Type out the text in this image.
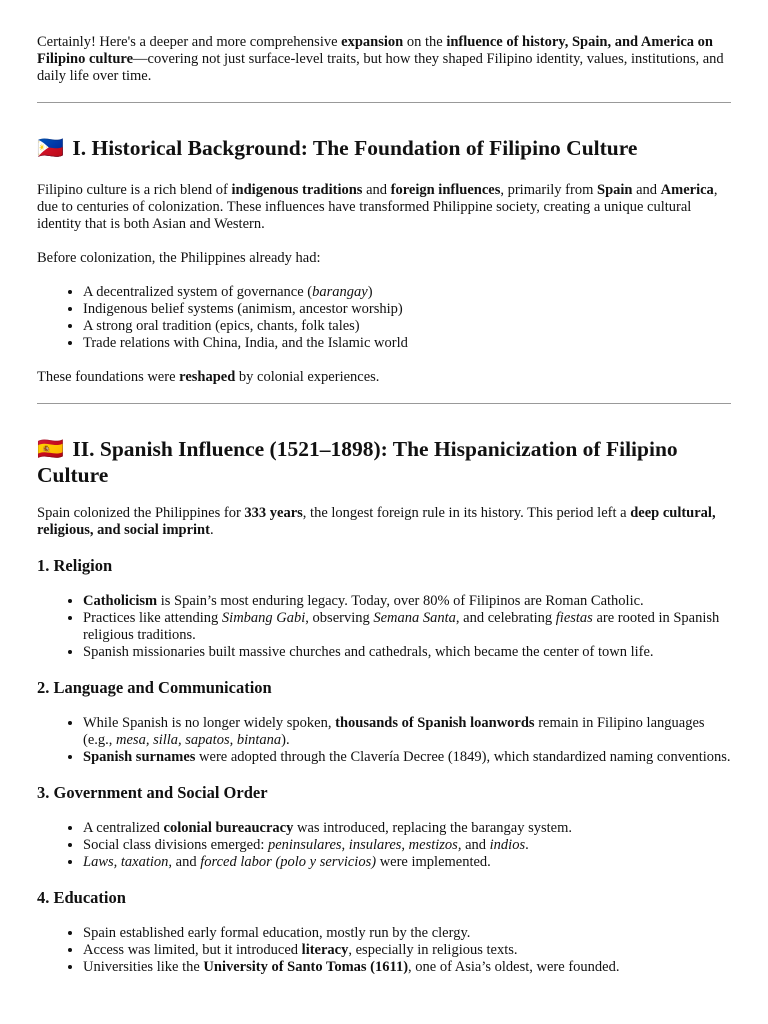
Certainly! Here's a deeper and more comprehensive expansion on the influence of history, Spain, and America on Filipino culture—covering not just surface-level traits, but how they shaped Filipino identity, values, institutions, and daily life over time.

🇵🇭 I. Historical Background: The Foundation of Filipino Culture

Filipino culture is a rich blend of indigenous traditions and foreign influences, primarily from Spain and America, due to centuries of colonization. These influences have transformed Philippine society, creating a unique cultural identity that is both Asian and Western.

Before colonization, the Philippines already had:

• A decentralized system of governance (barangay)
• Indigenous belief systems (animism, ancestor worship)
• A strong oral tradition (epics, chants, folk tales)
• Trade relations with China, India, and the Islamic world

These foundations were reshaped by colonial experiences.

🇪🇸 II. Spanish Influence (1521–1898): The Hispanicization of Filipino Culture

Spain colonized the Philippines for 333 years, the longest foreign rule in its history. This period left a deep cultural, religious, and social imprint.

1. Religion
• Catholicism is Spain’s most enduring legacy. Today, over 80% of Filipinos are Roman Catholic.
• Practices like attending Simbang Gabi, observing Semana Santa, and celebrating fiestas are rooted in Spanish religious traditions.
• Spanish missionaries built massive churches and cathedrals, which became the center of town life.
2. Language and Communication
• While Spanish is no longer widely spoken, thousands of Spanish loanwords remain in Filipino languages (e.g., mesa, silla, sapatos, bintana).
• Spanish surnames were adopted through the Clavería Decree (1849), which standardized naming conventions.
3. Government and Social Order
• A centralized colonial bureaucracy was introduced, replacing the barangay system.
• Social class divisions emerged: peninsulares, insulares, mestizos, and indios.
• Laws, taxation, and forced labor (polo y servicios) were implemented.
4. Education
• Spain established early formal education, mostly run by the clergy.
• Access was limited, but it introduced literacy, especially in religious texts.
• Universities like the University of Santo Tomas (1611), one of Asia’s oldest, were founded.
